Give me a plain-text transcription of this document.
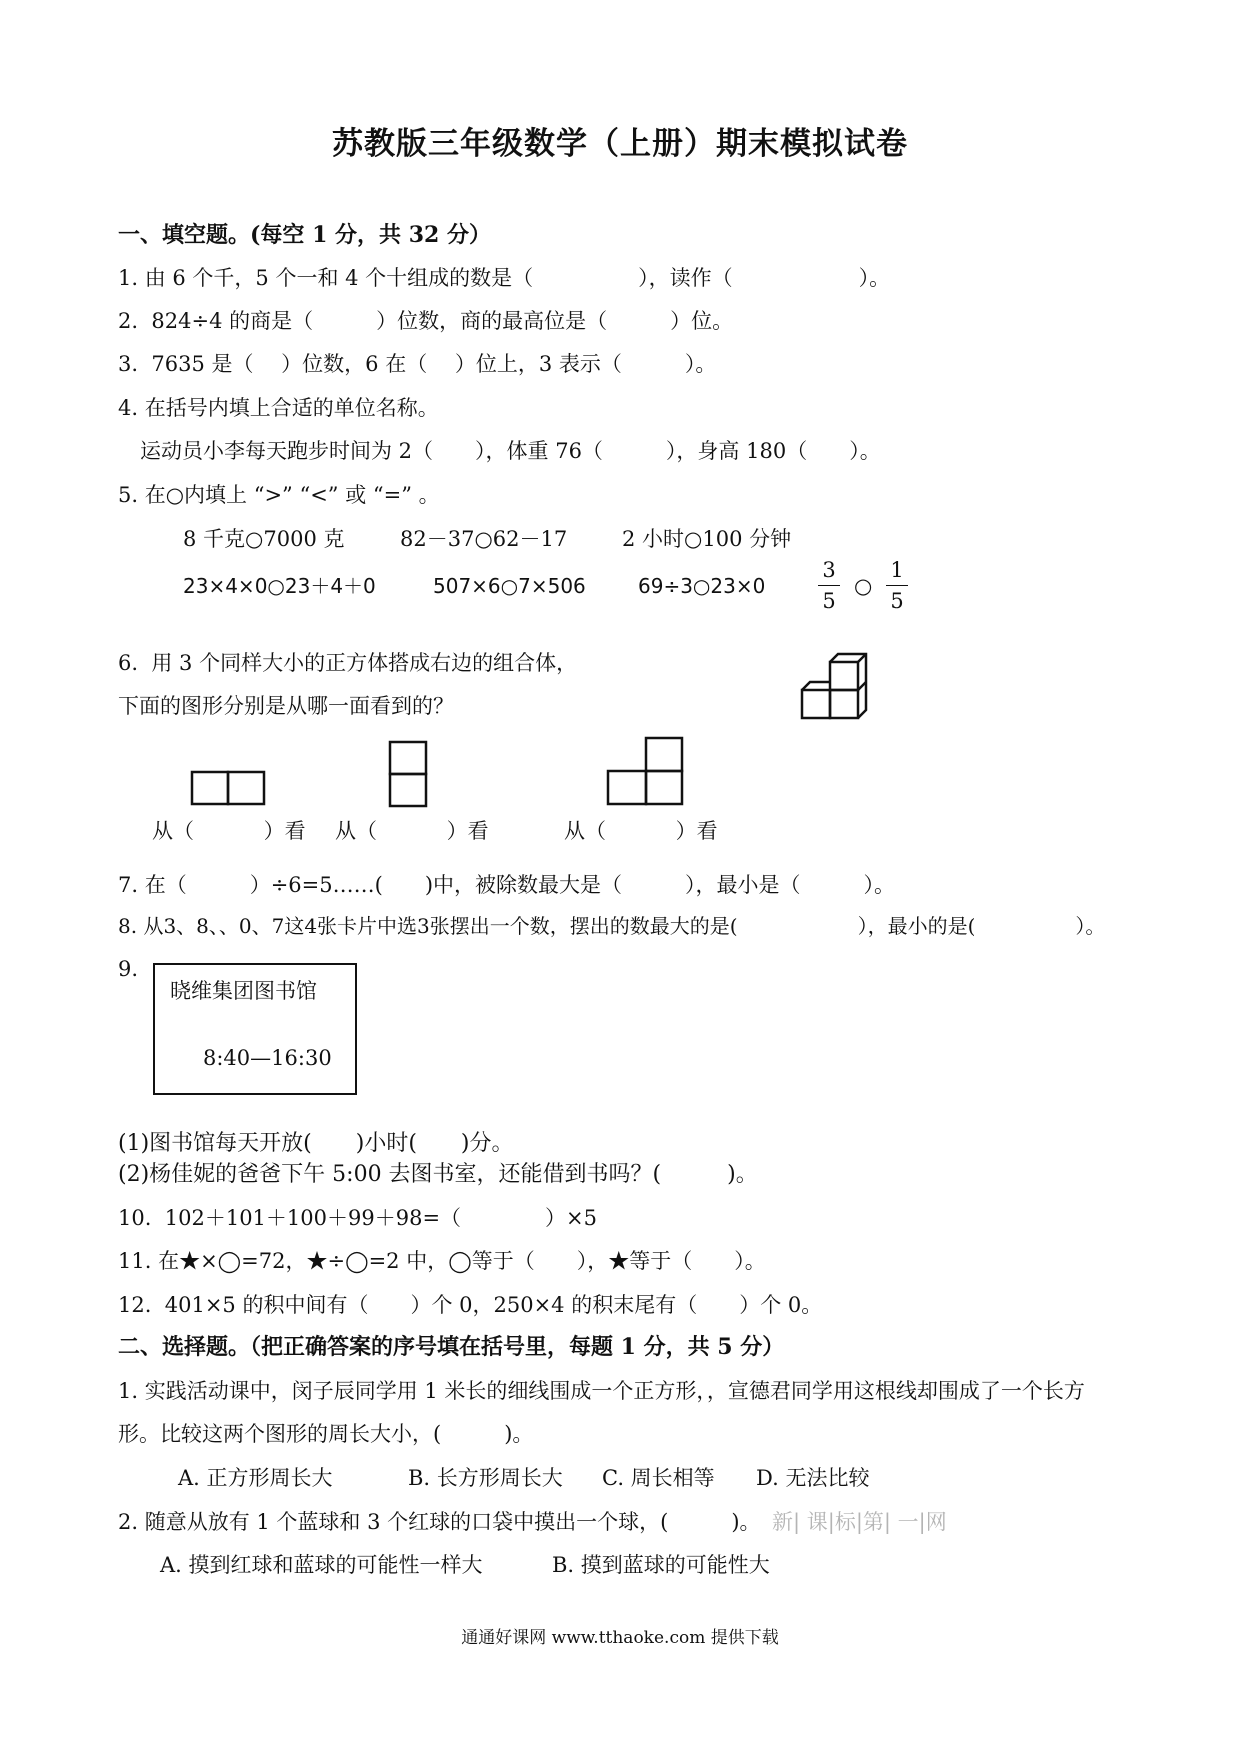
苏教版三年级数学（上册）期末模拟试卷
一、填空题。(每空 1 分，共 32 分）
1. 由 6 个千，5 个一和 4 个十组成的数是（　　　　　），读作（　　　　　　）。
2.  824÷4 的商是（　　　）位数，商的最高位是（　　　）位。
3.  7635 是（　 ）位数，6 在（　 ）位上，3 表示（　　　）。
4. 在括号内填上合适的单位名称。
运动员小李每天跑步时间为 2（　　），体重 76（　　　），身高 180（　　）。
5. 在○内填上 “>” “<” 或 “=” 。
8 千克○7000 克	82－37○62－17	2 小时○100 分钟
23×4×0○23＋4＋0	507×6○7×506	69÷3○23×0
3
5
○
1
5
6.  用 3 个同样大小的正方体搭成右边的组合体，
下面的图形分别是从哪一面看到的？
从（　　　 ）看 从（　　　 ）看	从（　　　 ）看
7. 在（　　　）÷6=5……(　　)中，被除数最大是（　　　），最小是（　　　）。
8. 从3、8、、0、7这4张卡片中选3张摆出一个数，摆出的数最大的是(　　　　　　），最小的是(　　　　　）。
9.
晓维集团图书馆
8:40—16:30
(1)图书馆每天开放(　　)小时(　　)分。
(2)杨佳妮的爸爸下午 5:00 去图书室，还能借到书吗？(　　　)。
10.  102＋101＋100＋99＋98=（　　　　）×5
11. 在★×◯=72，★÷◯=2 中，◯等于（　　），★等于（　　）。
12.  401×5 的积中间有（　　）个 0，250×4 的积末尾有（　　）个 0。
二、选择题。（把正确答案的序号填在括号里，每题 1 分，共 5 分）
1. 实践活动课中，闵子辰同学用 1 米长的细线围成一个正方形，，宣德君同学用这根线却围成了一个长方
形。比较这两个图形的周长大小，(　　　)。
A. 正方形周长大	B. 长方形周长大 C. 周长相等 D. 无法比较
2. 随意从放有 1 个蓝球和 3 个红球的口袋中摸出一个球，(　　　)。 新| 课|标|第| 一|网
A. 摸到红球和蓝球的可能性一样大	B. 摸到蓝球的可能性大
通通好课网 www.tthaoke.com 提供下载
